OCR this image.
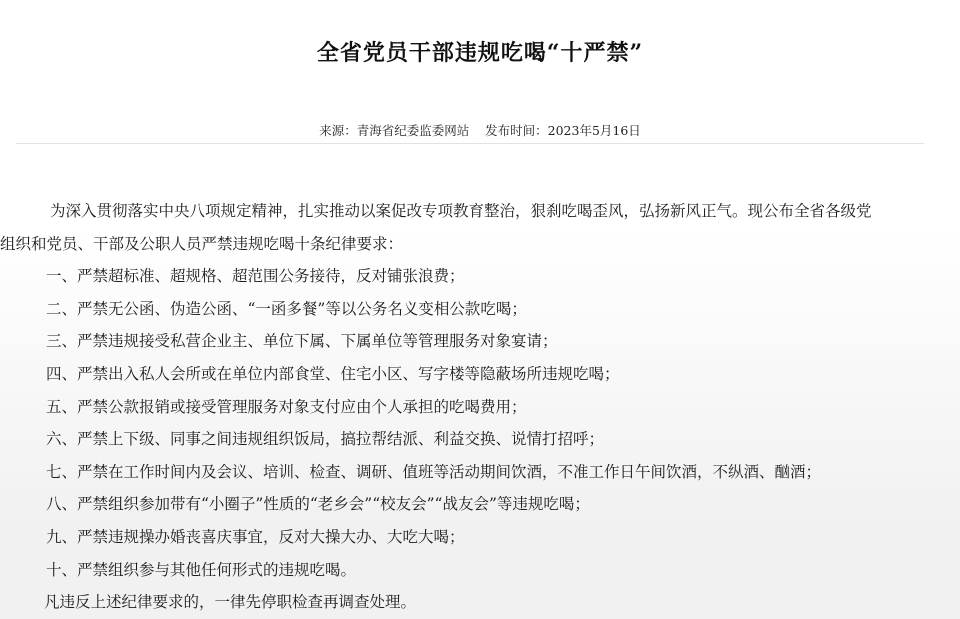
全省党员干部违规吃喝“十严禁”
来源：青海省纪委监委网站 发布时间：2023年5月16日
为深入贯彻落实中央八项规定精神，扎实推动以案促改专项教育整治，狠刹吃喝歪风，弘扬新风正气。现公布全省各级党
组织和党员、干部及公职人员严禁违规吃喝十条纪律要求：
一、严禁超标准、超规格、超范围公务接待，反对铺张浪费；
二、严禁无公函、伪造公函、“一函多餐”等以公务名义变相公款吃喝；
三、严禁违规接受私营企业主、单位下属、下属单位等管理服务对象宴请；
四、严禁出入私人会所或在单位内部食堂、住宅小区、写字楼等隐蔽场所违规吃喝；
五、严禁公款报销或接受管理服务对象支付应由个人承担的吃喝费用；
六、严禁上下级、同事之间违规组织饭局，搞拉帮结派、利益交换、说情打招呼；
七、严禁在工作时间内及会议、培训、检查、调研、值班等活动期间饮酒，不准工作日午间饮酒，不纵酒、酗酒；
八、严禁组织参加带有“小圈子”性质的“老乡会”“校友会”“战友会”等违规吃喝；
九、严禁违规操办婚丧喜庆事宜，反对大操大办、大吃大喝；
十、严禁组织参与其他任何形式的违规吃喝。
凡违反上述纪律要求的，一律先停职检查再调查处理。
